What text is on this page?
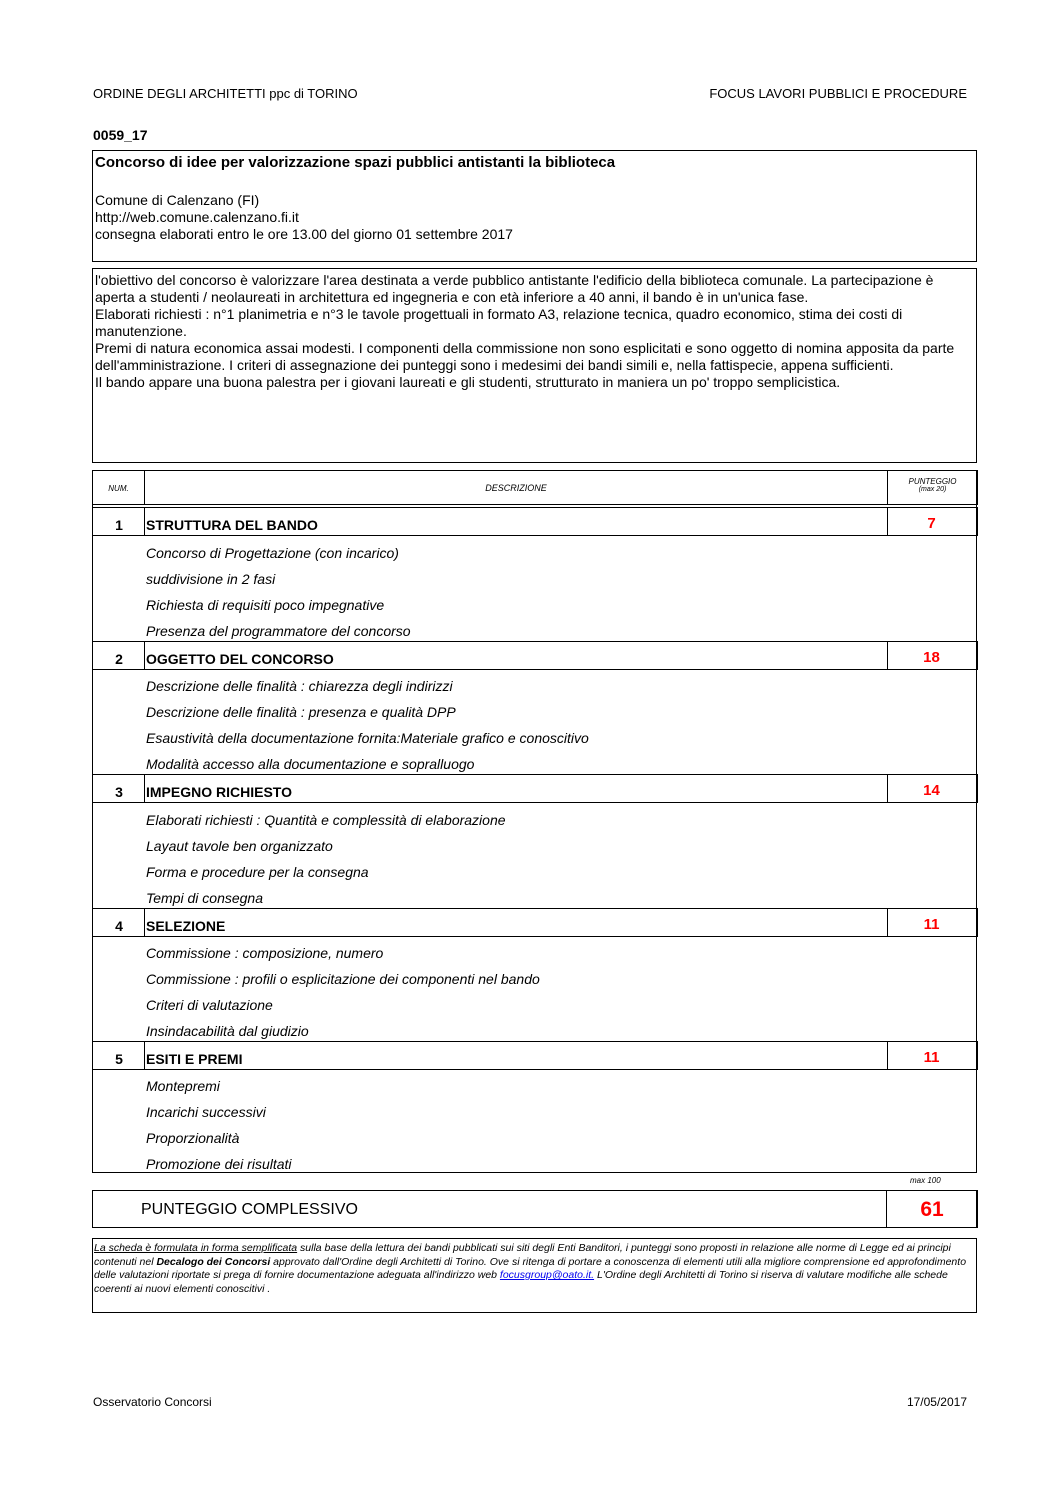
ORDINE DEGLI ARCHITETTI ppc di TORINO	FOCUS LAVORI PUBBLICI E PROCEDURE
0059_17
Concorso di idee per valorizzazione spazi pubblici antistanti la biblioteca
Comune di Calenzano (FI)
http://web.comune.calenzano.fi.it
consegna elaborati entro le ore 13.00 del giorno 01 settembre 2017

l'obiettivo del concorso è valorizzare l'area destinata a verde pubblico antistante l'edificio della biblioteca comunale. La partecipazione è aperta a studenti / neolaureati in architettura ed ingegneria e con età inferiore a 40 anni, il bando è in un'unica fase.

Elaborati richiesti : n°1 planimetria e n°3 le tavole progettuali in formato A3, relazione tecnica, quadro economico, stima dei costi di manutenzione.

Premi di natura economica assai modesti. I componenti della commissione non sono esplicitati e sono oggetto di nomina apposita da parte dell'amministrazione. I criteri di assegnazione dei punteggi sono i medesimi dei bandi simili e, nella fattispecie, appena sufficienti.

Il bando appare una buona palestra per i giovani laureati e gli studenti, strutturato in maniera un po' troppo semplicistica.

NUM.	DESCRIZIONE
PUNTEGGIO
(max 20)
1	STRUTTURA DEL BANDO	7
Concorso di Progettazione (con incarico)
suddivisione in 2 fasi
Richiesta di requisiti poco impegnative
Presenza del programmatore del concorso
2	OGGETTO DEL CONCORSO	18
Descrizione delle finalità : chiarezza degli indirizzi
Descrizione delle finalità : presenza e qualità DPP
Esaustività della documentazione fornita:Materiale grafico e conoscitivo
Modalità accesso alla documentazione e sopralluogo
3	IMPEGNO RICHIESTO	14
Elaborati richiesti : Quantità e complessità di elaborazione
Layaut tavole ben organizzato
Forma e procedure per la consegna
Tempi di consegna
4	SELEZIONE	11
Commissione : composizione, numero
Commissione : profili o esplicitazione dei componenti nel bando
Criteri di valutazione
Insindacabilità dal giudizio
5	ESITI E PREMI	11
Montepremi
Incarichi successivi
Proporzionalità
Promozione dei risultati
max 100
PUNTEGGIO COMPLESSIVO	61
La scheda è formulata in forma semplificata sulla base della lettura dei bandi pubblicati sui siti degli Enti Banditori, i punteggi sono proposti in relazione alle norme di Legge ed ai principi contenuti nel Decalogo dei Concorsi approvato dall'Ordine degli Architetti di Torino. Ove si ritenga di portare a conoscenza di elementi utili alla migliore comprensione ed approfondimento delle valutazioni riportate si prega di fornire documentazione adeguata all'indirizzo web focusgroup@oato.it. L'Ordine degli Architetti di Torino si riserva di valutare modifiche alle schede coerenti ai nuovi elementi conoscitivi .
Osservatorio Concorsi	17/05/2017
